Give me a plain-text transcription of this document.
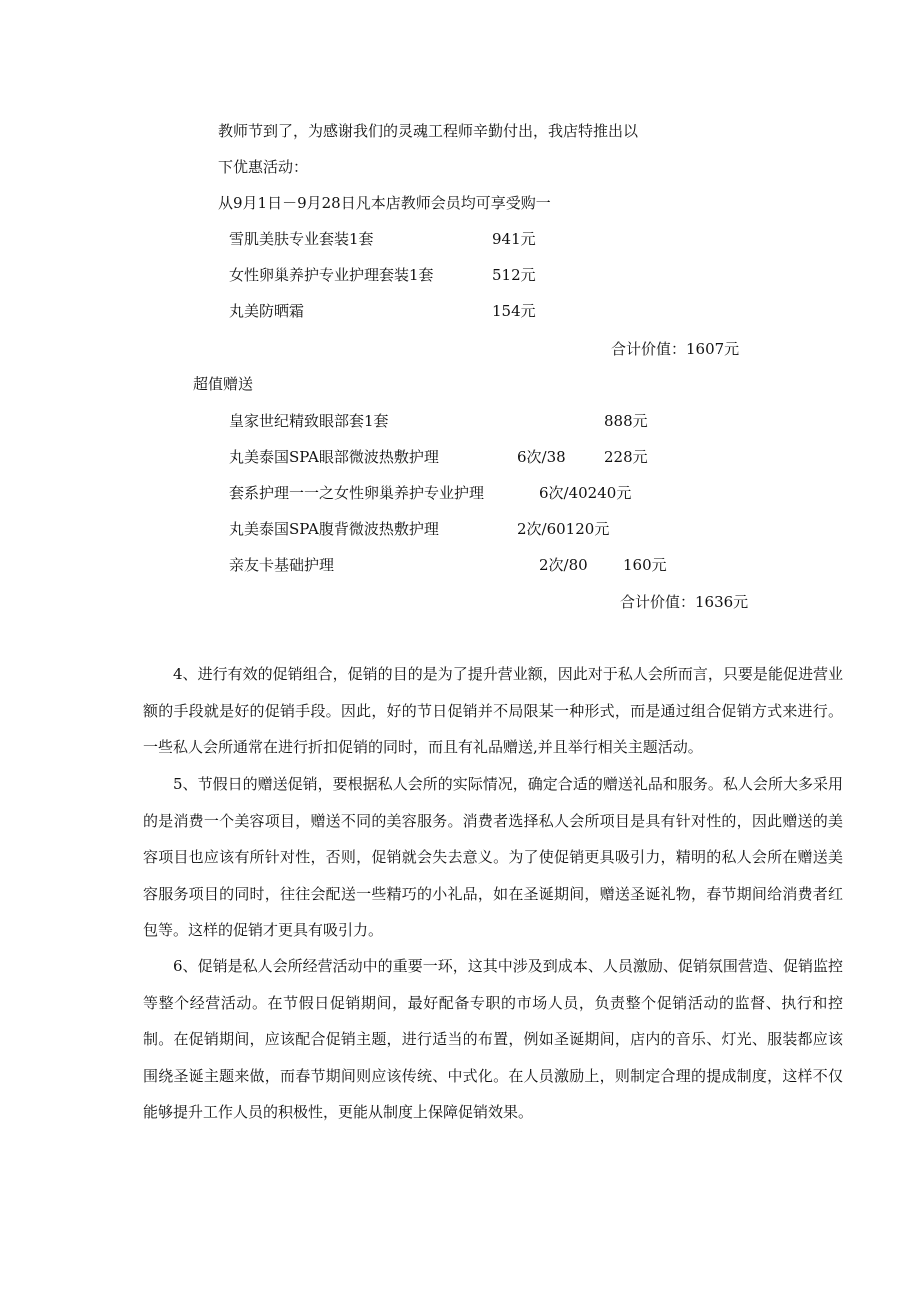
教师节到了，为感谢我们的灵魂工程师辛勤付出，我店特推出以
下优惠活动：
从9月1日－9月28日凡本店教师会员均可享受购一
雪肌美肤专业套装1套	941元
女性卵巢养护专业护理套装1套	512元
丸美防晒霜	154元
合计价值：1607元
超值赠送
皇家世纪精致眼部套1套	888元
丸美泰国SPA眼部微波热敷护理	6次/38	228元
套系护理一一之女性卵巢养护专业护理	6次/40240元
丸美泰国SPA腹背微波热敷护理	2次/60120元
亲友卡基础护理	2次/80 160元
合计价值：1636元
4、进行有效的促销组合，促销的目的是为了提升营业额，因此对于私人会所而言，只要是能促进营业额的手段就是好的促销手段。因此，好的节日促销并不局限某一种形式，而是通过组合促销方式来进行。一些私人会所通常在进行折扣促销的同时，而且有礼品赠送,并且举行相关主题活动。
5、节假日的赠送促销，要根据私人会所的实际情况，确定合适的赠送礼品和服务。私人会所大多采用的是消费一个美容项目，赠送不同的美容服务。消费者选择私人会所项目是具有针对性的，因此赠送的美容项目也应该有所针对性，否则，促销就会失去意义。为了使促销更具吸引力，精明的私人会所在赠送美容服务项目的同时，往往会配送一些精巧的小礼品，如在圣诞期间，赠送圣诞礼物，春节期间给消费者红包等。这样的促销才更具有吸引力。
6、促销是私人会所经营活动中的重要一环，这其中涉及到成本、人员激励、促销氛围营造、促销监控等整个经营活动。在节假日促销期间，最好配备专职的市场人员，负责整个促销活动的监督、执行和控制。在促销期间，应该配合促销主题，进行适当的布置，例如圣诞期间，店内的音乐、灯光、服装都应该围绕圣诞主题来做，而春节期间则应该传统、中式化。在人员激励上，则制定合理的提成制度，这样不仅能够提升工作人员的积极性，更能从制度上保障促销效果。
